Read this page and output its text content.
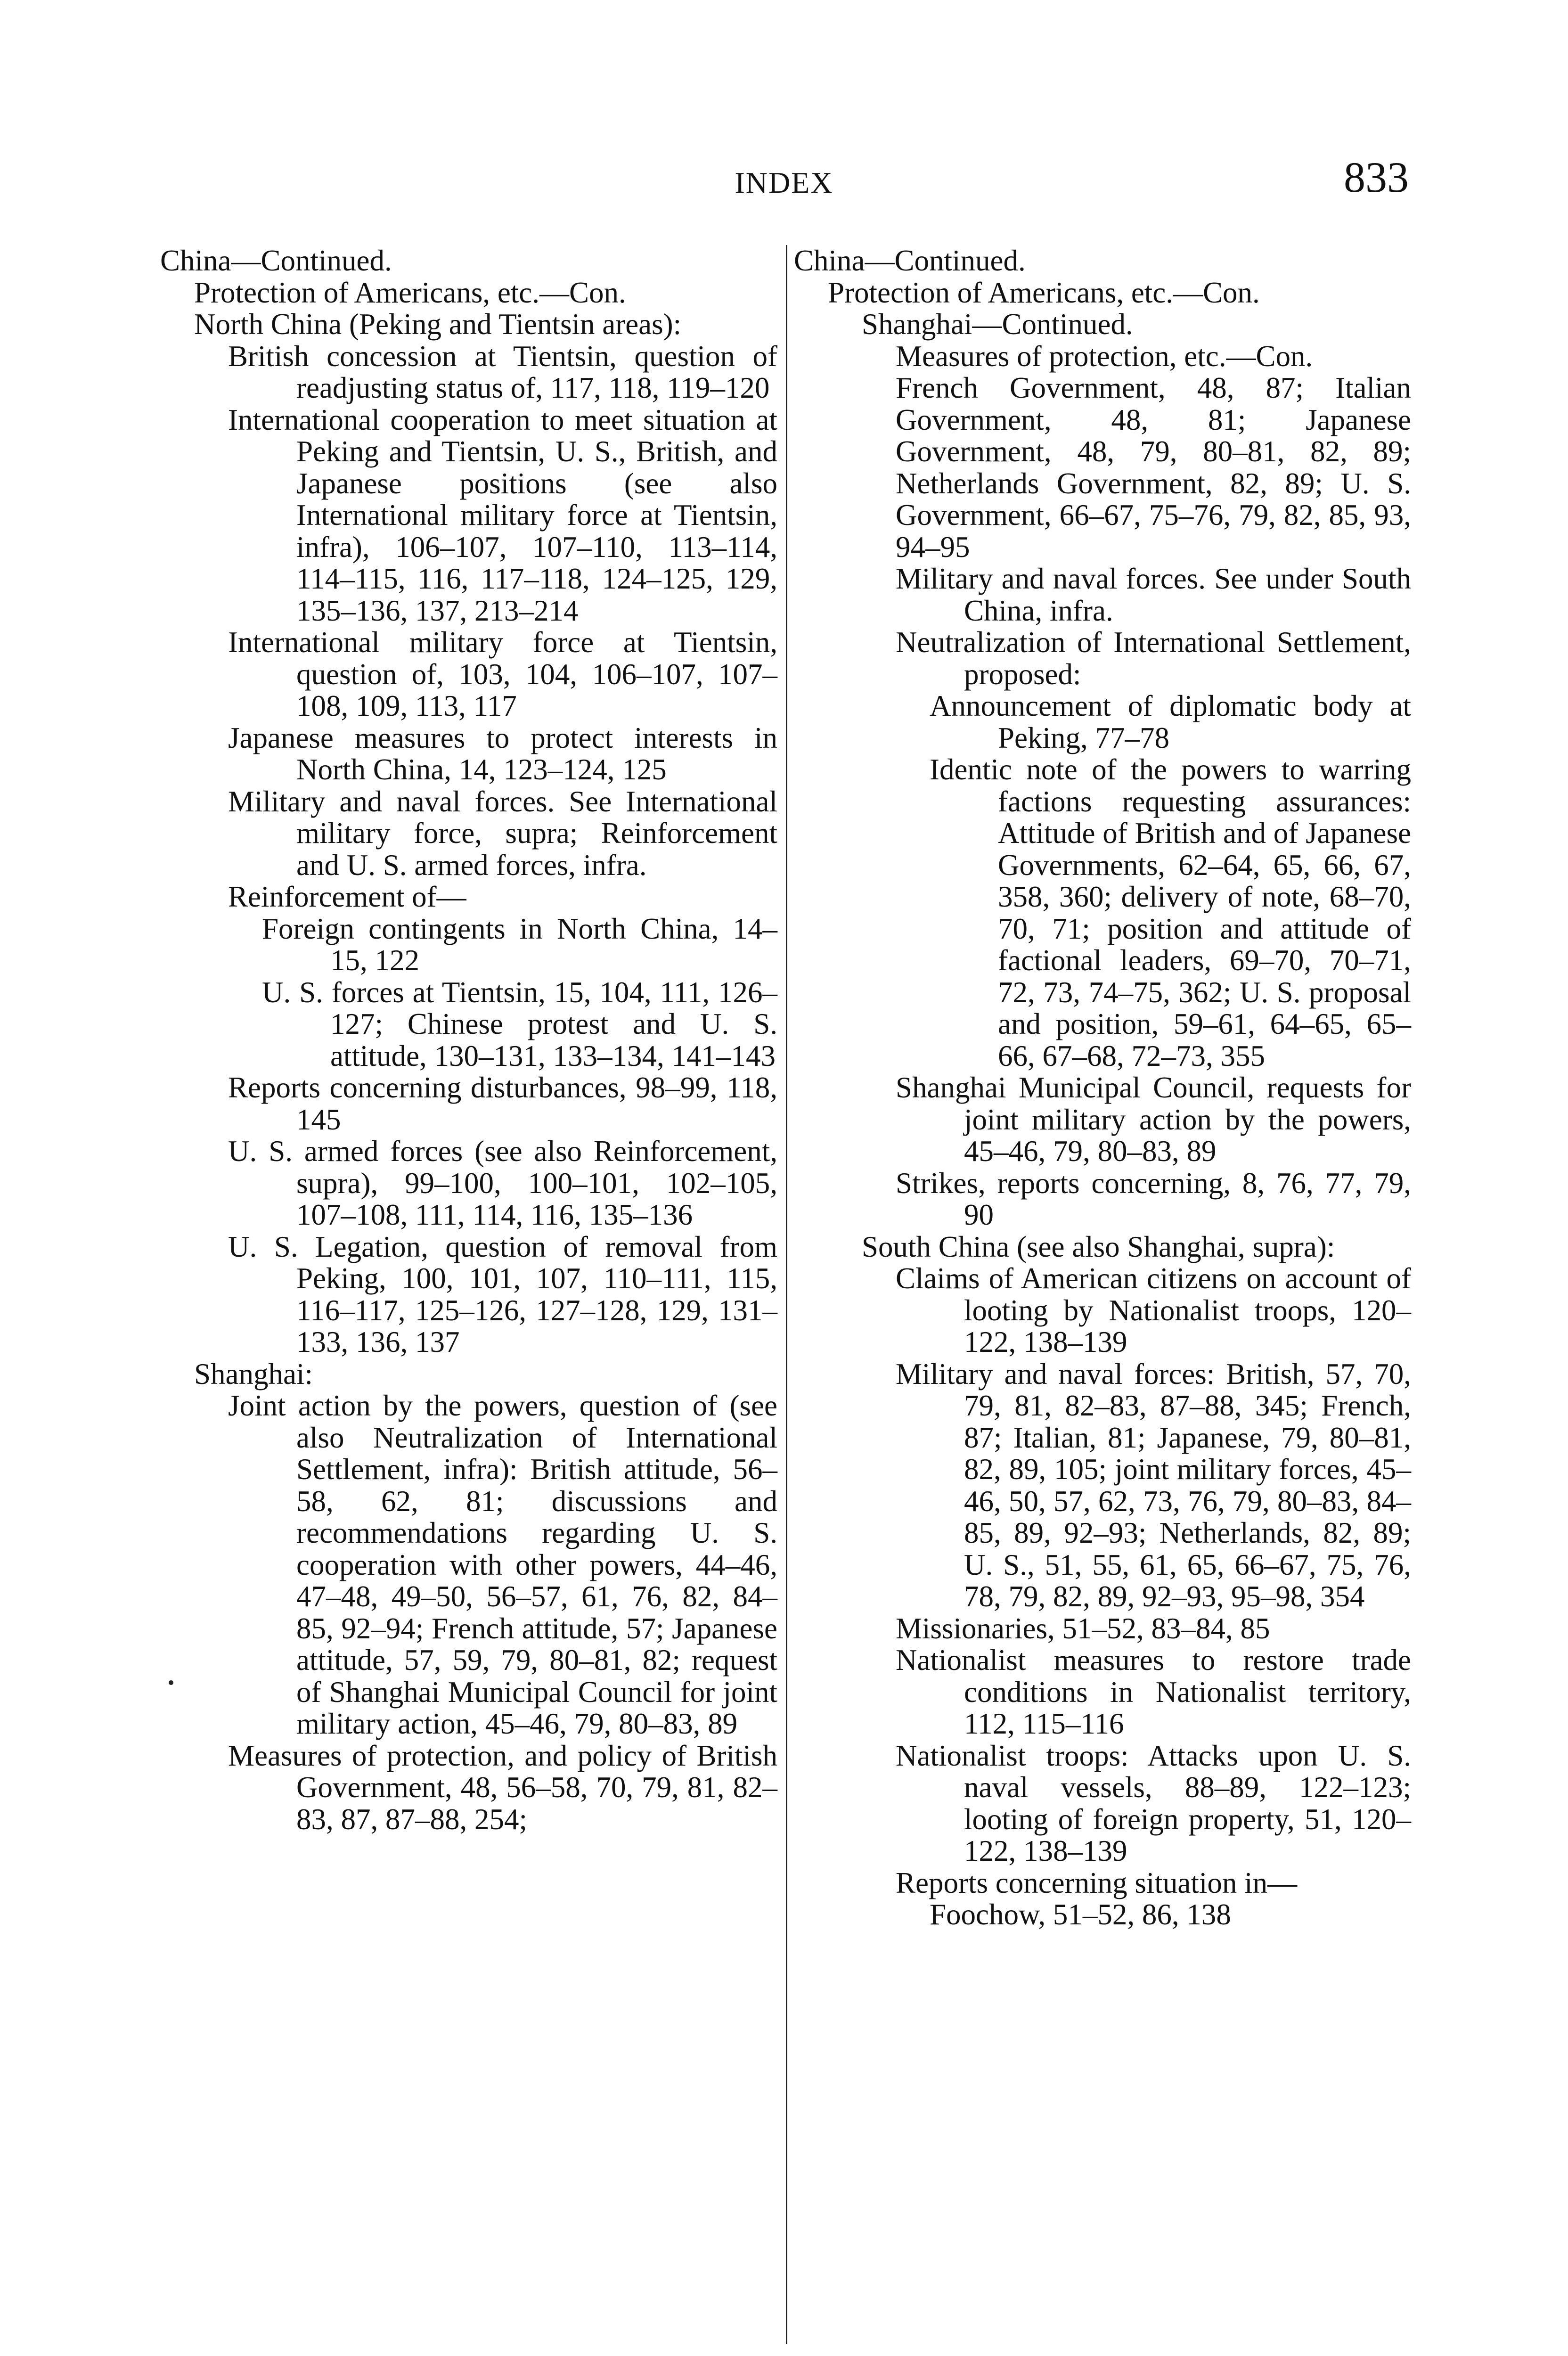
INDEX	833
China—Continued.
Protection of Americans, etc.—Con.
North China (Peking and Tientsin areas):
British concession at Tientsin, question of readjusting status of, 117, 118, 119–120
International cooperation to meet situation at Peking and Tientsin, U. S., British, and Japanese positions (see also International military force at Tientsin, infra), 106–107, 107–110, 113–114, 114–115, 116, 117–118, 124–125, 129, 135–136, 137, 213–214
International military force at Tientsin, question of, 103, 104, 106–107, 107–108, 109, 113, 117
Japanese measures to protect interests in North China, 14, 123–124, 125
Military and naval forces. See International military force, supra; Reinforcement and U. S. armed forces, infra.
Reinforcement of—
Foreign contingents in North China, 14–15, 122
U. S. forces at Tientsin, 15, 104, 111, 126–127; Chinese protest and U. S. attitude, 130–131, 133–134, 141–143
Reports concerning disturbances, 98–99, 118, 145
U. S. armed forces (see also Reinforcement, supra), 99–100, 100–101, 102–105, 107–108, 111, 114, 116, 135–136
U. S. Legation, question of removal from Peking, 100, 101, 107, 110–111, 115, 116–117, 125–126, 127–128, 129, 131–133, 136, 137
Shanghai:
Joint action by the powers, question of (see also Neutralization of International Settlement, infra): British attitude, 56–58, 62, 81; discussions and recommendations regarding U. S. cooperation with other powers, 44–46, 47–48, 49–50, 56–57, 61, 76, 82, 84–85, 92–94; French attitude, 57; Japanese attitude, 57, 59, 79, 80–81, 82; request of Shanghai Municipal Council for joint military action, 45–46, 79, 80–83, 89
Measures of protection, and policy of British Government, 48, 56–58, 70, 79, 81, 82–83, 87, 87–88, 254;
China—Continued.
Protection of Americans, etc.—Con.
Shanghai—Continued.
Measures of protection, etc.—Con.
French Government, 48, 87; Italian Government, 48, 81; Japanese Government, 48, 79, 80–81, 82, 89; Netherlands Government, 82, 89; U. S. Government, 66–67, 75–76, 79, 82, 85, 93, 94–95
Military and naval forces. See under South China, infra.
Neutralization of International Settlement, proposed:
Announcement of diplomatic body at Peking, 77–78
Identic note of the powers to warring factions requesting assurances: Attitude of British and of Japanese Governments, 62–64, 65, 66, 67, 358, 360; delivery of note, 68–70, 70, 71; position and attitude of factional leaders, 69–70, 70–71, 72, 73, 74–75, 362; U. S. proposal and position, 59–61, 64–65, 65–66, 67–68, 72–73, 355
Shanghai Municipal Council, requests for joint military action by the powers, 45–46, 79, 80–83, 89
Strikes, reports concerning, 8, 76, 77, 79, 90
South China (see also Shanghai, supra):
Claims of American citizens on account of looting by Nationalist troops, 120–122, 138–139
Military and naval forces: British, 57, 70, 79, 81, 82–83, 87–88, 345; French, 87; Italian, 81; Japanese, 79, 80–81, 82, 89, 105; joint military forces, 45–46, 50, 57, 62, 73, 76, 79, 80–83, 84–85, 89, 92–93; Netherlands, 82, 89; U. S., 51, 55, 61, 65, 66–67, 75, 76, 78, 79, 82, 89, 92–93, 95–98, 354
Missionaries, 51–52, 83–84, 85
Nationalist measures to restore trade conditions in Nationalist territory, 112, 115–116
Nationalist troops: Attacks upon U. S. naval vessels, 88–89, 122–123; looting of foreign property, 51, 120–122, 138–139
Reports concerning situation in—
Foochow, 51–52, 86, 138
